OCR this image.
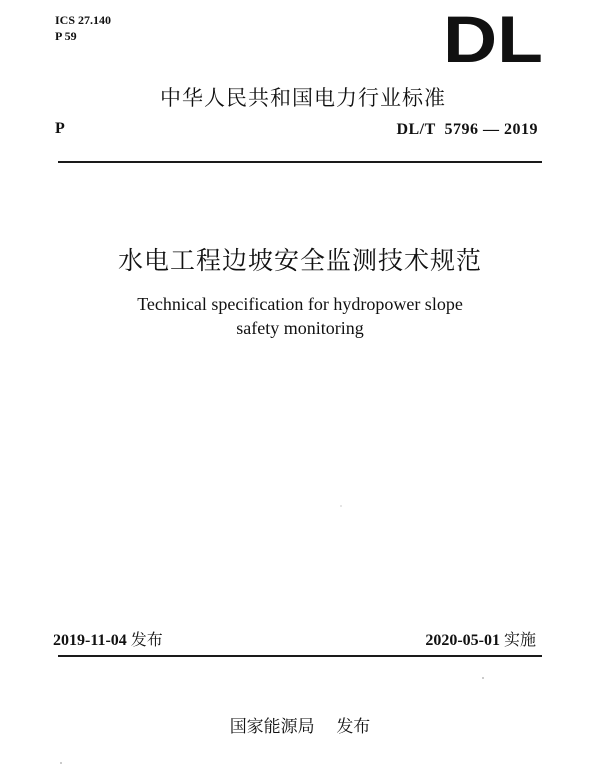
ICS 27.140
P 59	DL
中华人民共和国电力行业标准
P	DL/T  5796 — 2019
水电工程边坡安全监测技术规范
Technical specification for hydropower slope
safety monitoring
2019-11-04 发布	2020-05-01 实施
国家能源局 发布
